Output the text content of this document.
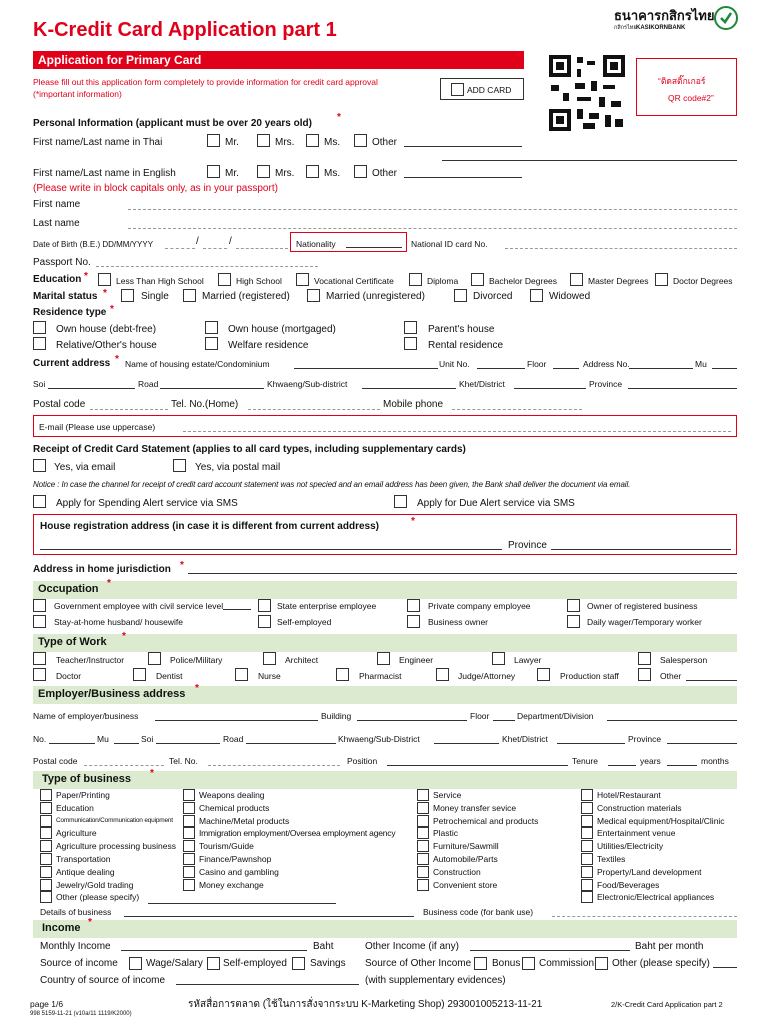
K-Credit Card Application part 1
ธนาคารกสิกรไทย
กสิกรไทย KASIKORNBANK
Application for Primary Card
Please fill out this application form completely to provide information for credit card approval
(*important information)	ADD CARD
“ติดสติ๊กเกอร์
QR code#2”
Personal Information (applicant must be over 20 years old)
*
First name/Last name in Thai	Mr.	Mrs.	Ms.	Other
First name/Last name in English	Mr.	Mrs.	Ms.	Other
(Please write in block capitals only, as in your passport)
First name
Last name
Date of Birth (B.E.) DD/MM/YYYY	/	/	Nationality	National ID card No.
Passport No.
Education *	Less Than High School	High School	Vocational Certificate	Diploma	Bachelor Degrees	Master Degrees	Doctor Degrees
Marital status *	Single	Married (registered)	Married (unregistered)	Divorced	Widowed
Residence type *
Own house (debt-free)	Own house (mortgaged)	Parent's house
Relative/Other's house	Welfare residence	Rental residence
Current address * Name of housing estate/Condominium	Unit No.	Floor	Address No.	Mu
Soi	Road	Khwaeng/Sub-district	Khet/District	Province
Postal code	Tel. No.(Home)	Mobile phone
E-mail (Please use uppercase)
Receipt of Credit Card Statement (applies to all card types, including supplementary cards)
Yes, via email	Yes, via postal mail
Notice : In case the channel for receipt of credit card account statement was not specied and an email address has been given, the Bank shall deliver the document via email.
Apply for Spending Alert service via SMS	Apply for Due Alert service via SMS
House registration address (in case it is different from current address)	*
Province
Address in home jurisdiction *
Occupation *
Government employee with civil service level	State enterprise employee	Private company employee	Owner of registered business
Stay-at-home husband/ housewife	Self-employed	Business owner	Daily wager/Temporary worker
Type of Work *
Teacher/Instructor	Police/Military	Architect	Engineer	Lawyer	Salesperson
Doctor	Dentist	Nurse	Pharmacist	Judge/Attorney	Production staff	Other
Employer/Business address *
Name of employer/business	Building	Floor	Department/Division
No.	Mu	Soi	Road	Khwaeng/Sub-District	Khet/District	Province
Postal code	Tel. No.	Position	Tenure	years	months
Type of business *
Paper/Printing
Education
Communication/Communication equipment
Agriculture
Agriculture processing business
Transportation
Antique dealing
Jewelry/Gold trading
Other (please specify)
Weapons dealing
Chemical products
Machine/Metal products
Immigration employment/Oversea employment agency
Tourism/Guide
Finance/Pawnshop
Casino and gambling
Money exchange
Service
Money transfer sevice
Petrochemical and products
Plastic
Furniture/Sawmill
Automobile/Parts
Construction
Convenient store
Hotel/Restaurant
Construction materials
Medical equipment/Hospital/Clinic
Entertainment venue
Utilities/Electricity
Textiles
Property/Land development
Food/Beverages
Electronic/Electrical appliances
Details of business	Business code (for bank use)
Income *
Monthly Income	Baht	Other Income (if any)	Baht per month
Source of income	Wage/Salary Self-employed Savings Source of Other Income Bonus Commission Other (please specify)
Country of source of income	(with supplementary evidences)
page 1/6
998 5159-11-21 (v10a/11 1119/K2000)
รหัสสื่อการตลาด (ใช้ในการสั่งจากระบบ K-Marketing Shop) 293001005213-11-21	2/K-Credit Card Application part 2
